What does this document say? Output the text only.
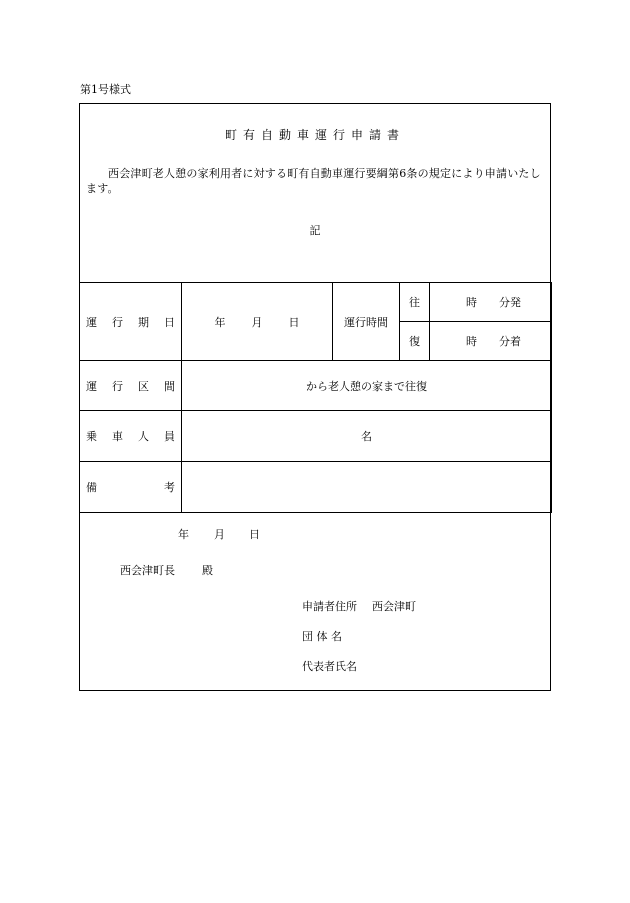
第1号様式
町有自動車運行申請書
西会津町老人憩の家利用者に対する町有自動車運行要綱第6条の規定により申請いたします。
記
運 行 期 日	年 月 日	運行時間	往	時 分発

			復	時 分着

運 行 区 間	から老人憩の家まで往復			

乗 車 人 員	名			

備 考				

年 月 日
西会津町長 殿
申請者住所 西会津町
団 体 名
代表者氏名
